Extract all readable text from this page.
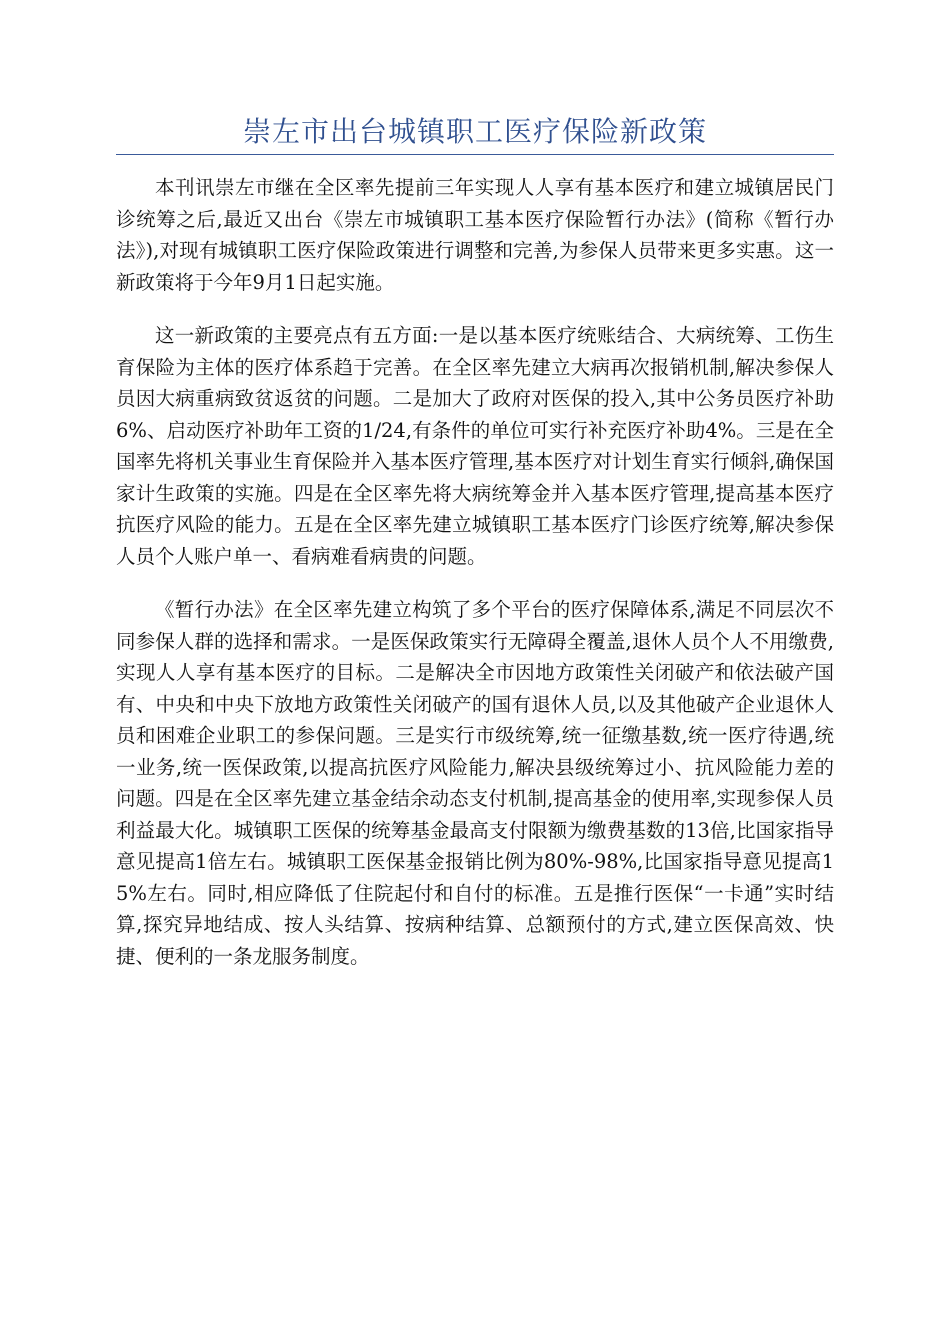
崇左市出台城镇职工医疗保险新政策

本刊讯崇左市继在全区率先提前三年实现人人享有基本医疗和建立城镇居民门诊统筹之后,最近又出台《崇左市城镇职工基本医疗保险暂行办法》(简称《暂行办法》),对现有城镇职工医疗保险政策进行调整和完善,为参保人员带来更多实惠。这一新政策将于今年9月1日起实施。

这一新政策的主要亮点有五方面:一是以基本医疗统账结合、大病统筹、工伤生育保险为主体的医疗体系趋于完善。在全区率先建立大病再次报销机制,解决参保人员因大病重病致贫返贫的问题。二是加大了政府对医保的投入,其中公务员医疗补助6%、启动医疗补助年工资的1/24,有条件的单位可实行补充医疗补助4%。三是在全国率先将机关事业生育保险并入基本医疗管理,基本医疗对计划生育实行倾斜,确保国家计生政策的实施。四是在全区率先将大病统筹金并入基本医疗管理,提高基本医疗抗医疗风险的能力。五是在全区率先建立城镇职工基本医疗门诊医疗统筹,解决参保人员个人账户单一、看病难看病贵的问题。

《暂行办法》在全区率先建立构筑了多个平台的医疗保障体系,满足不同层次不同参保人群的选择和需求。一是医保政策实行无障碍全覆盖,退休人员个人不用缴费,实现人人享有基本医疗的目标。二是解决全市因地方政策性关闭破产和依法破产国有、中央和中央下放地方政策性关闭破产的国有退休人员,以及其他破产企业退休人员和困难企业职工的参保问题。三是实行市级统筹,统一征缴基数,统一医疗待遇,统一业务,统一医保政策,以提高抗医疗风险能力,解决县级统筹过小、抗风险能力差的问题。四是在全区率先建立基金结余动态支付机制,提高基金的使用率,实现参保人员利益最大化。城镇职工医保的统筹基金最高支付限额为缴费基数的13倍,比国家指导意见提高1倍左右。城镇职工医保基金报销比例为80%-98%,比国家指导意见提高15%左右。同时,相应降低了住院起付和自付的标准。五是推行医保“一卡通”实时结算,探究异地结成、按人头结算、按病种结算、总额预付的方式,建立医保高效、快捷、便利的一条龙服务制度。
